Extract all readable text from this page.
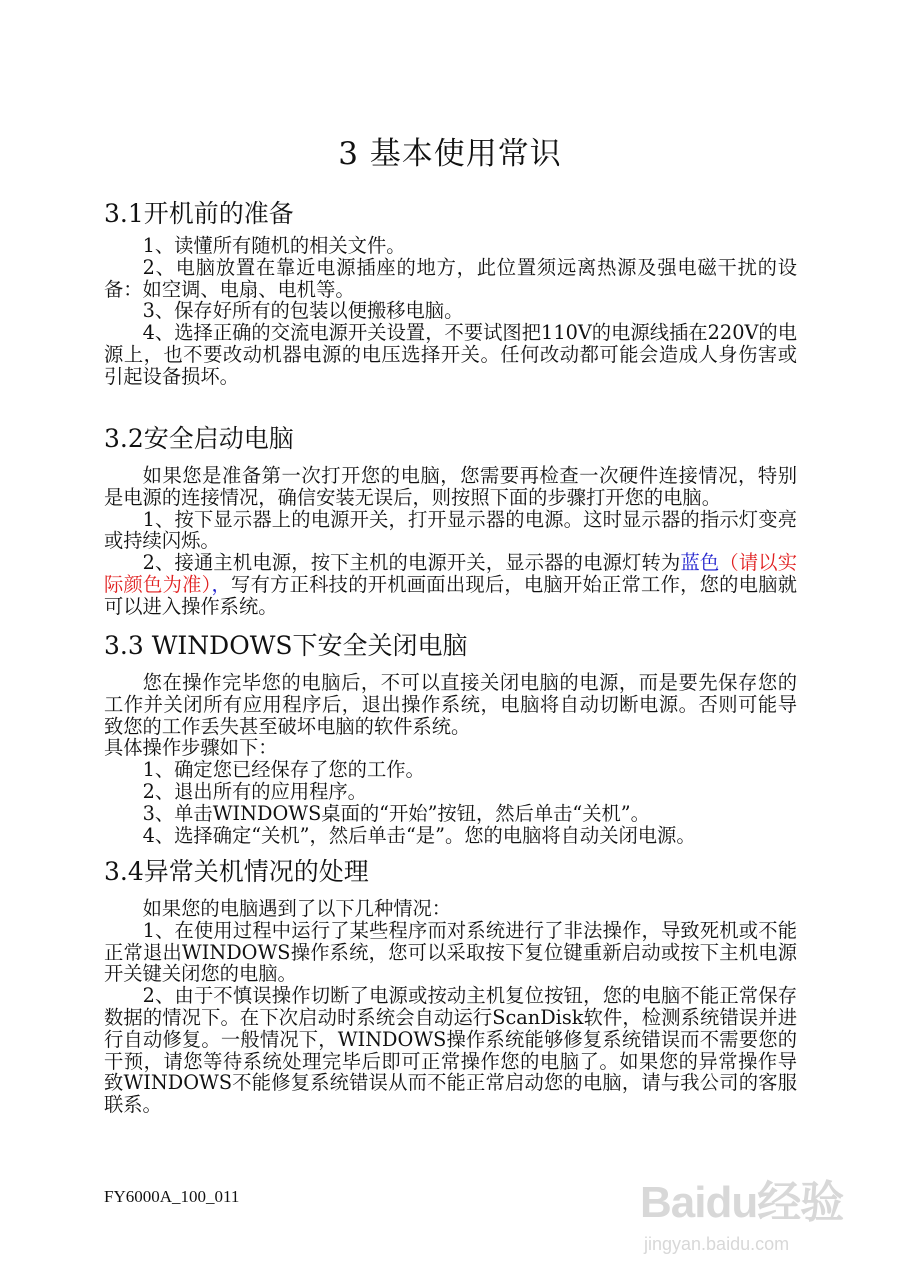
3 基本使用常识
3.1开机前的准备

1、读懂所有随机的相关文件。

2、电脑放置在靠近电源插座的地方，此位置须远离热源及强电磁干扰的设备：如空调、电扇、电机等。

3、保存好所有的包装以便搬移电脑。

4、选择正确的交流电源开关设置，不要试图把110V的电源线插在220V的电源上，也不要改动机器电源的电压选择开关。任何改动都可能会造成人身伤害或引起设备损坏。

3.2安全启动电脑

如果您是准备第一次打开您的电脑，您需要再检查一次硬件连接情况，特别是电源的连接情况，确信安装无误后，则按照下面的步骤打开您的电脑。

1、按下显示器上的电源开关，打开显示器的电源。这时显示器的指示灯变亮或持续闪烁。

2、接通主机电源，按下主机的电源开关，显示器的电源灯转为蓝色（请以实际颜色为准），写有方正科技的开机画面出现后，电脑开始正常工作，您的电脑就可以进入操作系统。

3.3 WINDOWS下安全关闭电脑

您在操作完毕您的电脑后，不可以直接关闭电脑的电源，而是要先保存您的工作并关闭所有应用程序后，退出操作系统，电脑将自动切断电源。否则可能导致您的工作丢失甚至破坏电脑的软件系统。

具体操作步骤如下：

1、确定您已经保存了您的工作。

2、退出所有的应用程序。

3、单击WINDOWS桌面的“开始”按钮，然后单击“关机”。

4、选择确定“关机”，然后单击“是”。您的电脑将自动关闭电源。

3.4异常关机情况的处理

如果您的电脑遇到了以下几种情况：

1、在使用过程中运行了某些程序而对系统进行了非法操作，导致死机或不能正常退出WINDOWS操作系统，您可以采取按下复位键重新启动或按下主机电源开关键关闭您的电脑。

2、由于不慎误操作切断了电源或按动主机复位按钮，您的电脑不能正常保存数据的情况下。在下次启动时系统会自动运行ScanDisk软件，检测系统错误并进行自动修复。一般情况下，WINDOWS操作系统能够修复系统错误而不需要您的干预，请您等待系统处理完毕后即可正常操作您的电脑了。如果您的异常操作导致WINDOWS不能修复系统错误从而不能正常启动您的电脑，请与我公司的客服联系。

FY6000A_100_011	Baidu经验
jingyan.baidu.com
